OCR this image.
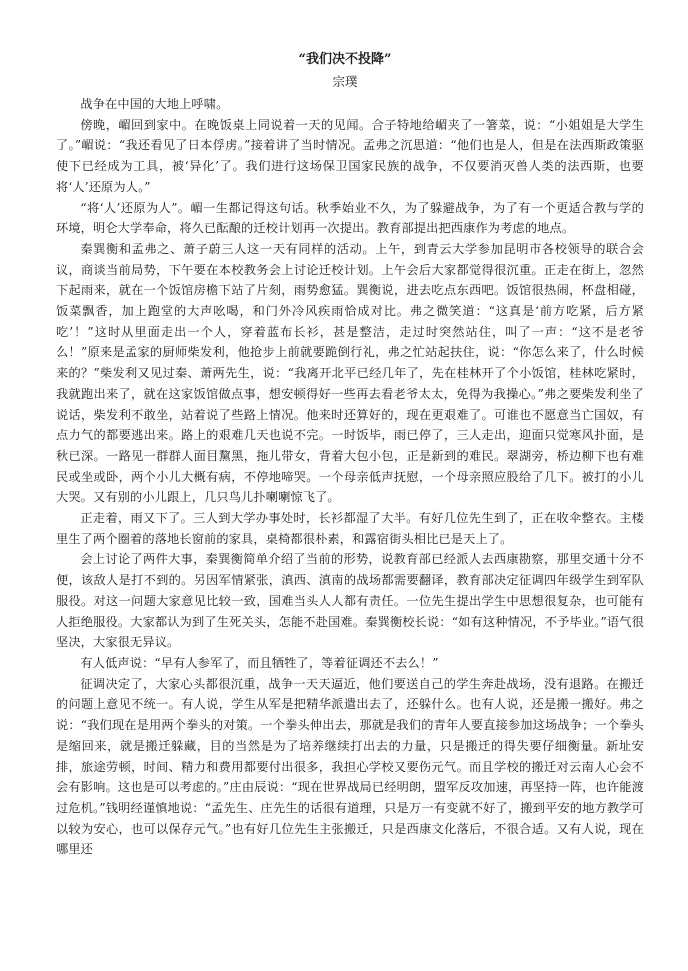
“我们决不投降”
宗璞

战争在中国的大地上呼啸。

傍晚，嵋回到家中。在晚饭桌上同说着一天的见闻。合子特地给嵋夹了一箸菜，说：“小姐姐是大学生了。”嵋说：“我还看见了日本俘虏。”接着讲了当时情况。孟弗之沉思道：“他们也是人，但是在法西斯政策驱使下已经成为工具，被‘异化’了。我们进行这场保卫国家民族的战争，不仅要消灭兽人类的法西斯，也要将‘人’还原为人。”

“将‘人’还原为人”。嵋一生都记得这句话。秋季始业不久，为了躲避战争，为了有一个更适合教与学的环境，明仑大学奉命，将久已酝酿的迁校计划再一次提出。教育部提出把西康作为考虑的地点。

秦巽衡和孟弗之、萧子蔚三人这一天有同样的活动。上午，到青云大学参加昆明市各校领导的联合会议，商谈当前局势，下午要在本校教务会上讨论迁校计划。上午会后大家都觉得很沉重。正走在街上，忽然下起雨来，就在一个饭馆房檐下站了片刻，雨势愈猛。巽衡说，进去吃点东西吧。饭馆很热闹，杯盘相碰，饭菜飘香，加上跑堂的大声吆喝，和门外冷风疾雨恰成对比。弗之微笑道：“这真是‘前方吃紧，后方紧吃’！”这时从里面走出一个人，穿着蓝布长衫，甚是整洁，走过时突然站住，叫了一声：“这不是老爷么！”原来是孟家的厨师柴发利，他抢步上前就要跪倒行礼，弗之忙站起扶住，说：“你怎么来了，什么时候来的？”柴发利又见过秦、萧两先生，说：“我离开北平已经几年了，先在桂林开了个小饭馆，桂林吃紧时，我就跑出来了，就在这家饭馆做点事，想安顿得好一些再去看老爷太太，免得为我操心。”弗之要柴发利坐了说话，柴发利不敢坐，站着说了些路上情况。他来时还算好的，现在更艰难了。可谁也不愿意当亡国奴，有点力气的都要逃出来。路上的艰难几天也说不完。一时饭毕，雨已停了，三人走出，迎面只觉寒风扑面，是秋已深。一路见一群群人面目黧黑，拖儿带女，背着大包小包，正是新到的难民。翠湖旁，桥边柳下也有难民或坐或卧，两个小儿大概有病，不停地啼哭。一个母亲低声抚慰，一个母亲照应股给了几下。被打的小儿大哭。又有别的小儿跟上，几只鸟儿扑喇喇惊飞了。

正走着，雨又下了。三人到大学办事处时，长衫都湿了大半。有好几位先生到了，正在收伞整衣。主楼里生了两个圈着的落地长窗前的家具，桌椅都很朴素，和露宿街头相比已是天上了。

会上讨论了两件大事，秦巽衡简单介绍了当前的形势，说教育部已经派人去西康勘察，那里交通十分不便，该敌人是打不到的。另因军情紧张，滇西、滇南的战场都需要翻译，教育部决定征调四年级学生到军队服役。对这一问题大家意见比较一致，国难当头人人都有责任。一位先生提出学生中思想很复杂，也可能有人拒绝服役。大家都认为到了生死关头，怎能不赴国难。秦巽衡校长说：“如有这种情况，不予毕业。”语气很坚决，大家很无异议。

有人低声说：“早有人参军了，而且牺牲了，等着征调还不去么！”

征调决定了，大家心头都很沉重，战争一天天逼近，他们要送自己的学生奔赴战场，没有退路。在搬迁的问题上意见不统一。有人说，学生从军是把精华派遣出去了，还躲什么。也有人说，还是搬一搬好。弗之说：“我们现在是用两个拳头的对策。一个拳头伸出去，那就是我们的青年人要直接参加这场战争；一个拳头是缩回来，就是搬迁躲藏，目的当然是为了培养继续打出去的力量，只是搬迁的得失要仔细衡量。新址安排，旅途劳顿，时间、精力和费用都要付出很多，我担心学校又要伤元气。而且学校的搬迁对云南人心会不会有影响。这也是可以考虑的。”庄由辰说：“现在世界战局已经明朗，盟军反攻加速，再坚持一阵，也许能渡过危机。”钱明经谨慎地说：“孟先生、庄先生的话很有道理，只是万一有变就不好了，搬到平安的地方教学可以较为安心，也可以保存元气。”也有好几位先生主张搬迁，只是西康文化落后，不很合适。又有人说，现在哪里还
